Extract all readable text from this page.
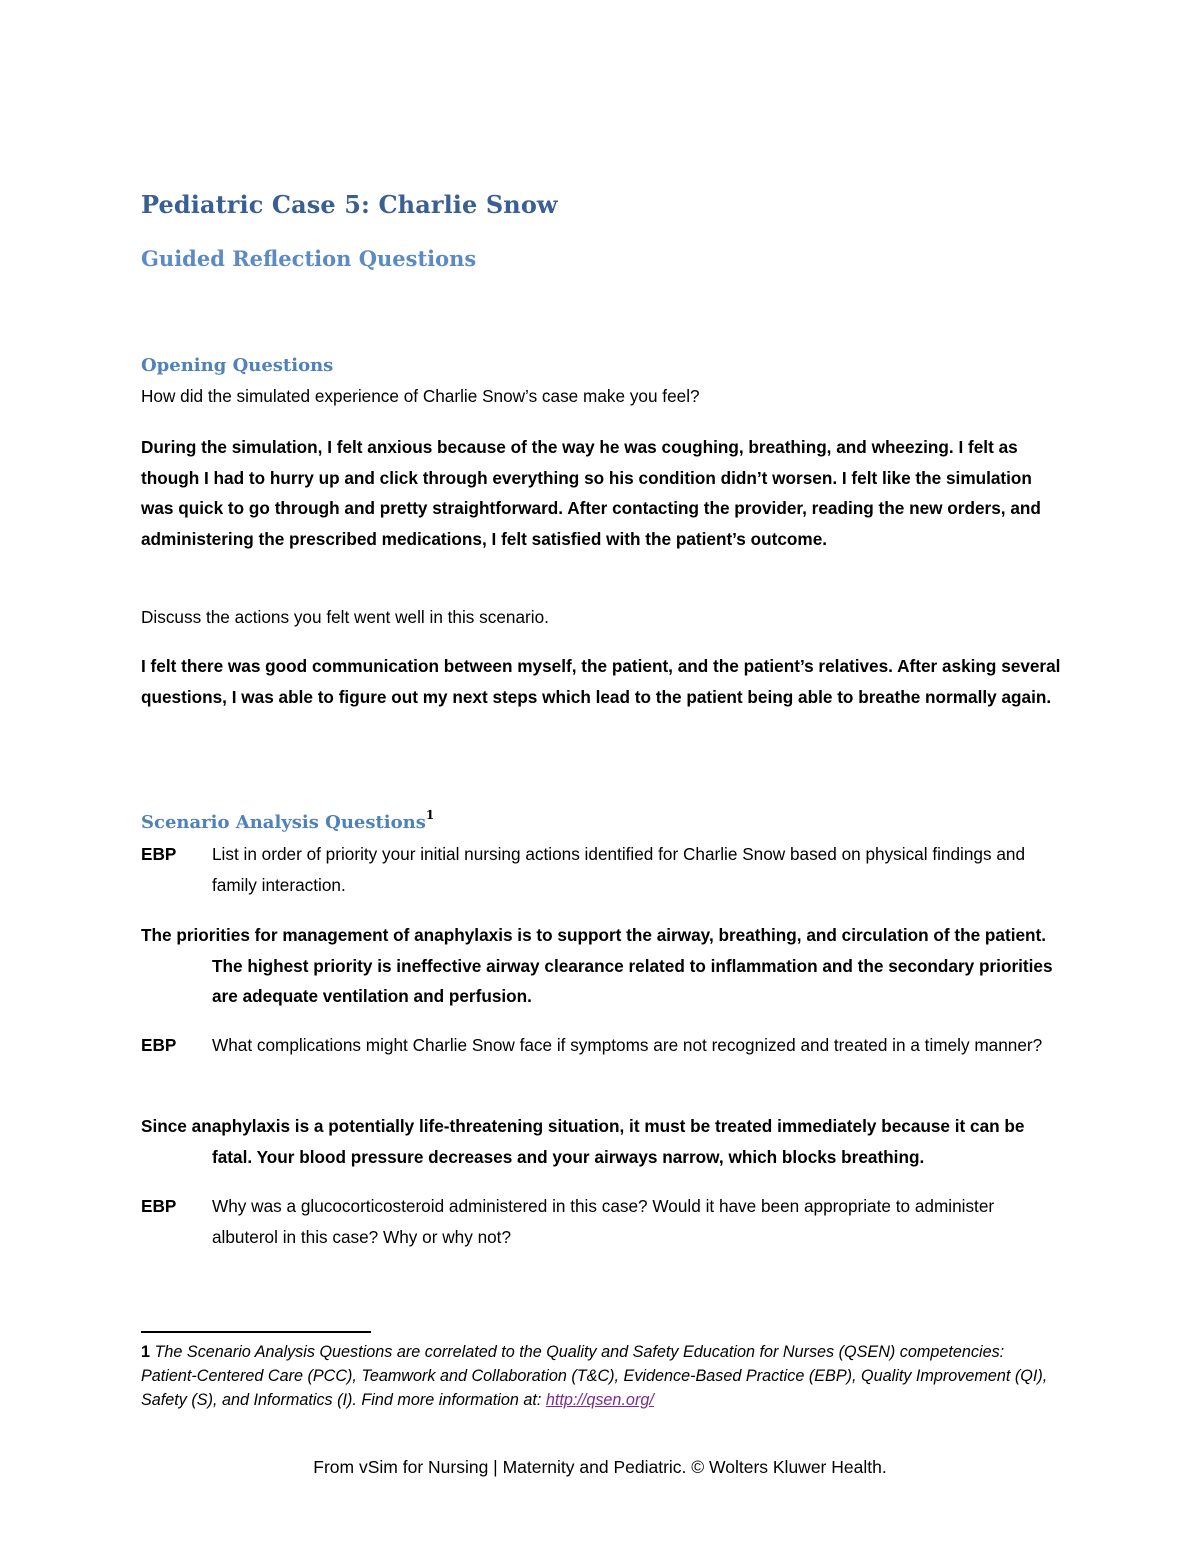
Pediatric Case 5: Charlie Snow
Guided Reflection Questions
Opening Questions
How did the simulated experience of Charlie Snow’s case make you feel?
During the simulation, I felt anxious because of the way he was coughing, breathing, and wheezing. I felt as though I had to hurry up and click through everything so his condition didn’t worsen. I felt like the simulation was quick to go through and pretty straightforward. After contacting the provider, reading the new orders, and administering the prescribed medications, I felt satisfied with the patient’s outcome.
Discuss the actions you felt went well in this scenario.
I felt there was good communication between myself, the patient, and the patient’s relatives. After asking several questions, I was able to figure out my next steps which lead to the patient being able to breathe normally again.
Scenario Analysis Questions$^1$
EBP List in order of priority your initial nursing actions identified for Charlie Snow based on physical findings and family interaction.
The priorities for management of anaphylaxis is to support the airway, breathing, and circulation of the patient. The highest priority is ineffective airway clearance related to inflammation and the secondary priorities are adequate ventilation and perfusion.
EBP What complications might Charlie Snow face if symptoms are not recognized and treated in a timely manner?
Since anaphylaxis is a potentially life-threatening situation, it must be treated immediately because it can be fatal. Your blood pressure decreases and your airways narrow, which blocks breathing.
EBP Why was a glucocorticosteroid administered in this case? Would it have been appropriate to administer albuterol in this case? Why or why not?
1 The Scenario Analysis Questions are correlated to the Quality and Safety Education for Nurses (QSEN) competencies: Patient-Centered Care (PCC), Teamwork and Collaboration (T&C), Evidence-Based Practice (EBP), Quality Improvement (QI), Safety (S), and Informatics (I). Find more information at: http://qsen.org/
From vSim for Nursing | Maternity and Pediatric. © Wolters Kluwer Health.
